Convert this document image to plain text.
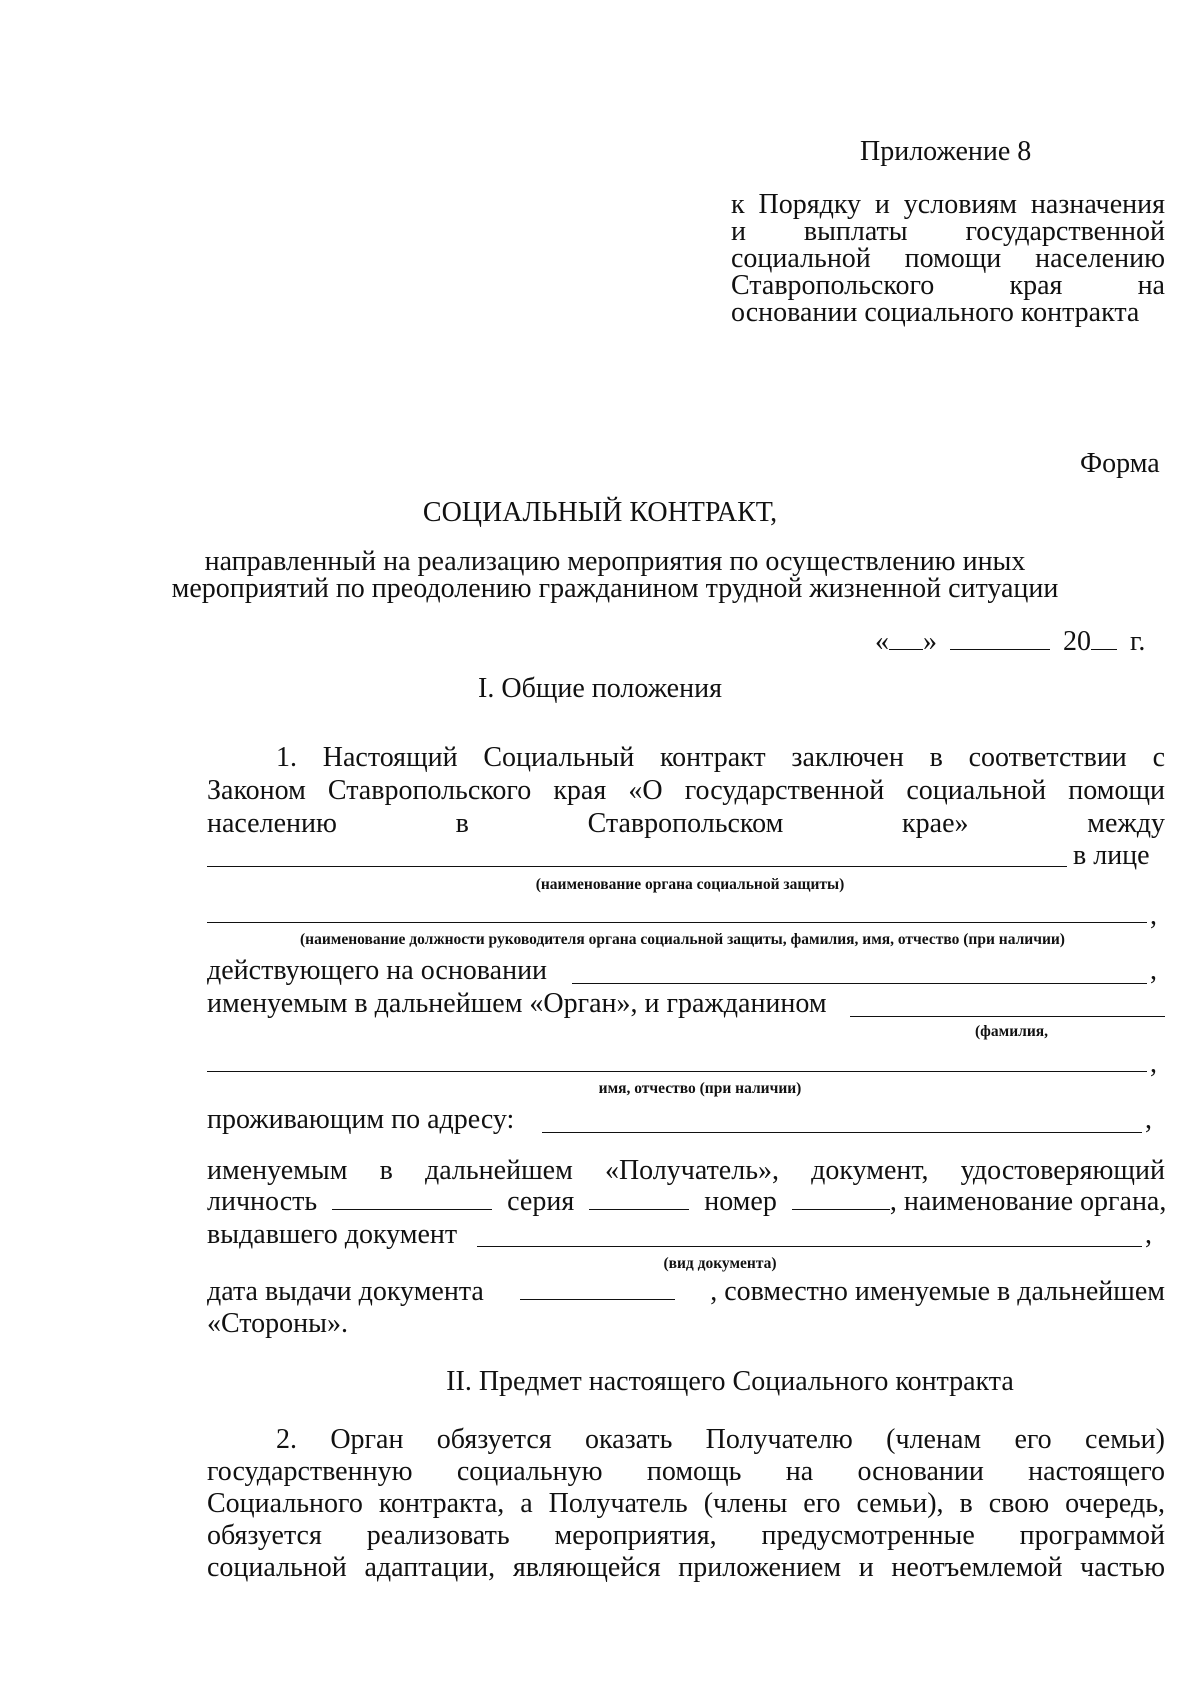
Приложение 8
к Порядку и условиям назначения
и выплаты государственной
социальной помощи населению
Ставропольского	края	на
основании социального контракта
Форма
СОЦИАЛЬНЫЙ КОНТРАКТ,
направленный на реализацию мероприятия по осуществлению иных
мероприятий по преодолению гражданином трудной жизненной ситуации
« »	20 г.
I. Общие положения
1. Настоящий Социальный контракт заключен в соответствии с
Законом Ставропольского края «О государственной социальной помощи
населению	в	Ставропольском	крае»	между
в лице
(наименование органа социальной защиты)
,
(наименование должности руководителя органа социальной защиты, фамилия, имя, отчество (при наличии)
действующего на основании	,
именуемым в дальнейшем «Орган», и гражданином
(фамилия,
,
имя, отчество (при наличии)
проживающим по адресу:	,
именуемым в дальнейшем «Получатель», документ, удостоверяющий
личность	серия	номер	, наименование органа,
выдавшего документ	,
(вид документа)
дата выдачи документа	, совместно именуемые в дальнейшем
«Стороны».
II. Предмет настоящего Социального контракта
2. Орган обязуется оказать Получателю (членам его семьи)
государственную социальную помощь на основании настоящего
Социального контракта, а Получатель (члены его семьи), в свою очередь,
обязуется реализовать мероприятия, предусмотренные программой
социальной адаптации, являющейся приложением и неотъемлемой частью
